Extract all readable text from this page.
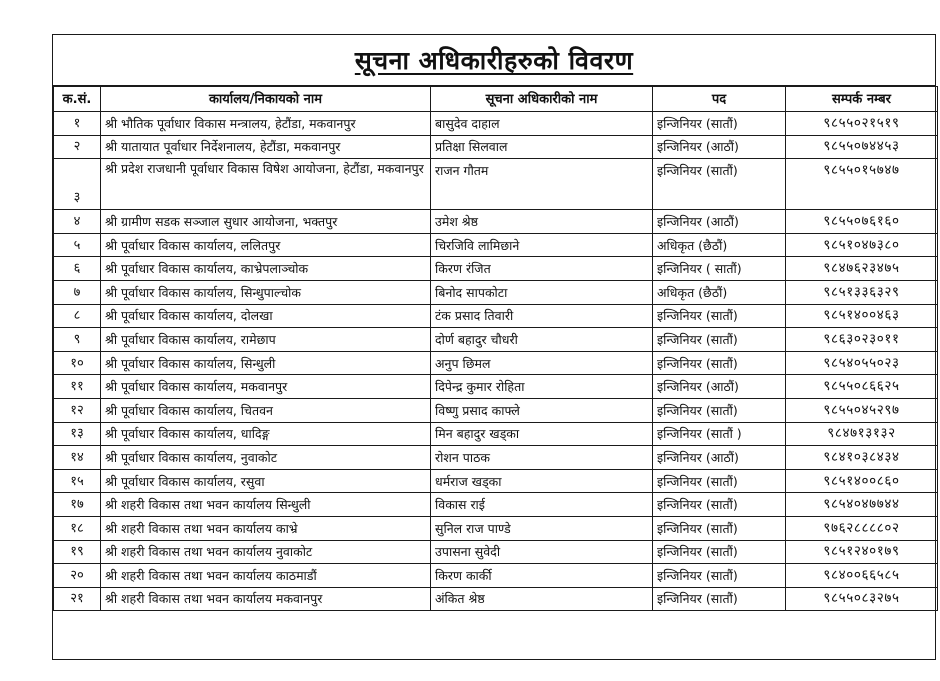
सूचना अधिकारीहरुको विवरण
क.सं.	कार्यालय/निकायको नाम	सूचना अधिकारीको नाम	पद	सम्पर्क नम्बर
१	श्री भौतिक पूर्वाधार विकास मन्त्रालय, हेटौंडा, मकवानपुर	बासुदेव दाहाल	इन्जिनियर (सातौं)	९८५५०२१५१९
२	श्री यातायात पूर्वाधार निर्देशनालय, हेटौंडा, मकवानपुर	प्रतिक्षा सिलवाल	इन्जिनियर (आठौं)	९८५५०७४४५३
३	श्री प्रदेश राजधानी पूर्वाधार विकास विषेश आयोजना, हेटौंडा, मकवानपुर	राजन गौतम	इन्जिनियर (सातौं)	९८५५०१५७४७
४	श्री ग्रामीण सडक सञ्जाल सुधार आयोजना, भक्तपुर	उमेश श्रेष्ठ	इन्जिनियर (आठौं)	९८५५०७६१६०
५	श्री पूर्वाधार विकास कार्यालय, ललितपुर	चिरजिवि लामिछाने	अधिकृत (छैठौं)	९८५१०४७३८०
६	श्री पूर्वाधार विकास कार्यालय, काभ्रेपलाञ्चोक	किरण रंजित	इन्जिनियर ( सातौं)	९८४७६२३४७५
७	श्री पूर्वाधार विकास कार्यालय, सिन्धुपाल्चोक	बिनोद सापकोटा	अधिकृत (छैठौं)	९८५१३३६३२९
८	श्री पूर्वाधार विकास कार्यालय, दोलखा	टंक प्रसाद तिवारी	इन्जिनियर (सातौं)	९८५१४००४६३
९	श्री पूर्वाधार विकास कार्यालय, रामेछाप	दोर्ण बहादुर चौधरी	इन्जिनियर (सातौं)	९८६३०२३०११
१०	श्री पूर्वाधार विकास कार्यालय, सिन्धुली	अनुप छिमल	इन्जिनियर (सातौं)	९८५४०५५०२३
११	श्री पूर्वाधार विकास कार्यालय, मकवानपुर	दिपेन्द्र कुमार रोहिता	इन्जिनियर (आठौं)	९८५५०८६६२५
१२	श्री पूर्वाधार विकास कार्यालय, चितवन	विष्णु प्रसाद काफ्ले	इन्जिनियर (सातौं)	९८५५०४५२९७
१३	श्री पूर्वाधार विकास कार्यालय, धादिङ्ग	मिन बहादुर खड्का	इन्जिनियर (सातौं )	९८४७१३१३२
१४	श्री पूर्वाधार विकास कार्यालय, नुवाकोट	रोशन पाठक	इन्जिनियर (आठौं)	९८४१०३८४३४
१५	श्री पूर्वाधार विकास कार्यालय, रसुवा	धर्मराज खड्का	इन्जिनियर (सातौं)	९८५१४००८६०
१७	श्री शहरी विकास तथा भवन कार्यालय सिन्धुली	विकास राई	इन्जिनियर (सातौं)	९८५४०४७७४४
१८	श्री शहरी विकास तथा भवन कार्यालय काभ्रे	सुनिल राज पाण्डे	इन्जिनियर (सातौं)	९७६२८८८८०२
१९	श्री शहरी विकास तथा भवन कार्यालय नुवाकोट	उपासना सुवेदी	इन्जिनियर (सातौं)	९८५१२४०१७९
२०	श्री शहरी विकास तथा भवन कार्यालय काठमाडौं	किरण कार्की	इन्जिनियर (सातौं)	९८४००६६५८५
२१	श्री शहरी विकास तथा भवन कार्यालय मकवानपुर	अंकित श्रेष्ठ	इन्जिनियर (सातौं)	९८५५०८३२७५
